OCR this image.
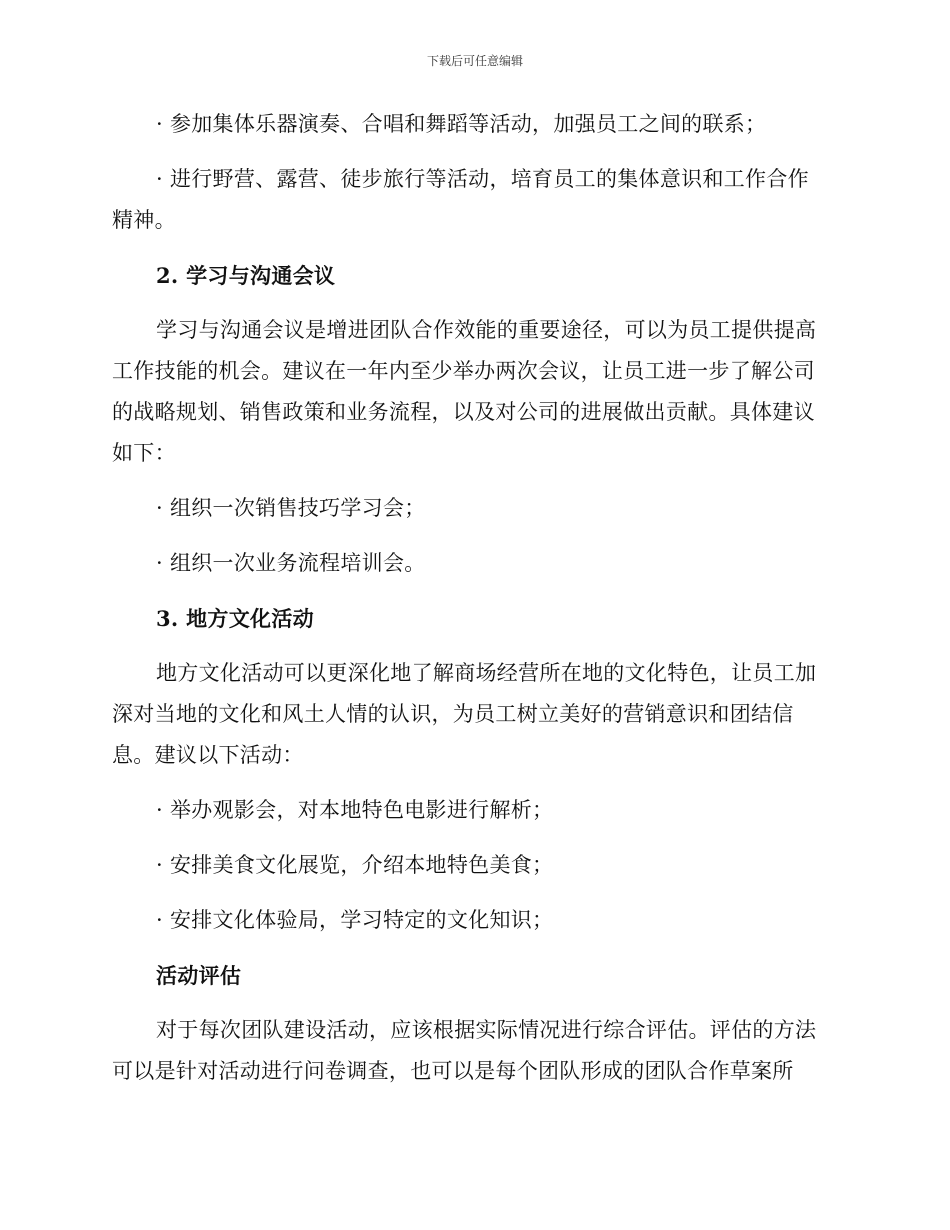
下载后可任意编辑
· 参加集体乐器演奏、合唱和舞蹈等活动，加强员工之间的联系；
· 进行野营、露营、徒步旅行等活动，培育员工的集体意识和工作合作
精神。
2. 学习与沟通会议
学习与沟通会议是增进团队合作效能的重要途径，可以为员工提供提高
工作技能的机会。建议在一年内至少举办两次会议，让员工进一步了解公司
的战略规划、销售政策和业务流程，以及对公司的进展做出贡献。具体建议
如下：
· 组织一次销售技巧学习会；
· 组织一次业务流程培训会。
3. 地方文化活动
地方文化活动可以更深化地了解商场经营所在地的文化特色，让员工加
深对当地的文化和风土人情的认识，为员工树立美好的营销意识和团结信
息。建议以下活动：
· 举办观影会，对本地特色电影进行解析；
· 安排美食文化展览，介绍本地特色美食；
· 安排文化体验局，学习特定的文化知识；
活动评估
对于每次团队建设活动，应该根据实际情况进行综合评估。评估的方法
可以是针对活动进行问卷调查，也可以是每个团队形成的团队合作草案所
